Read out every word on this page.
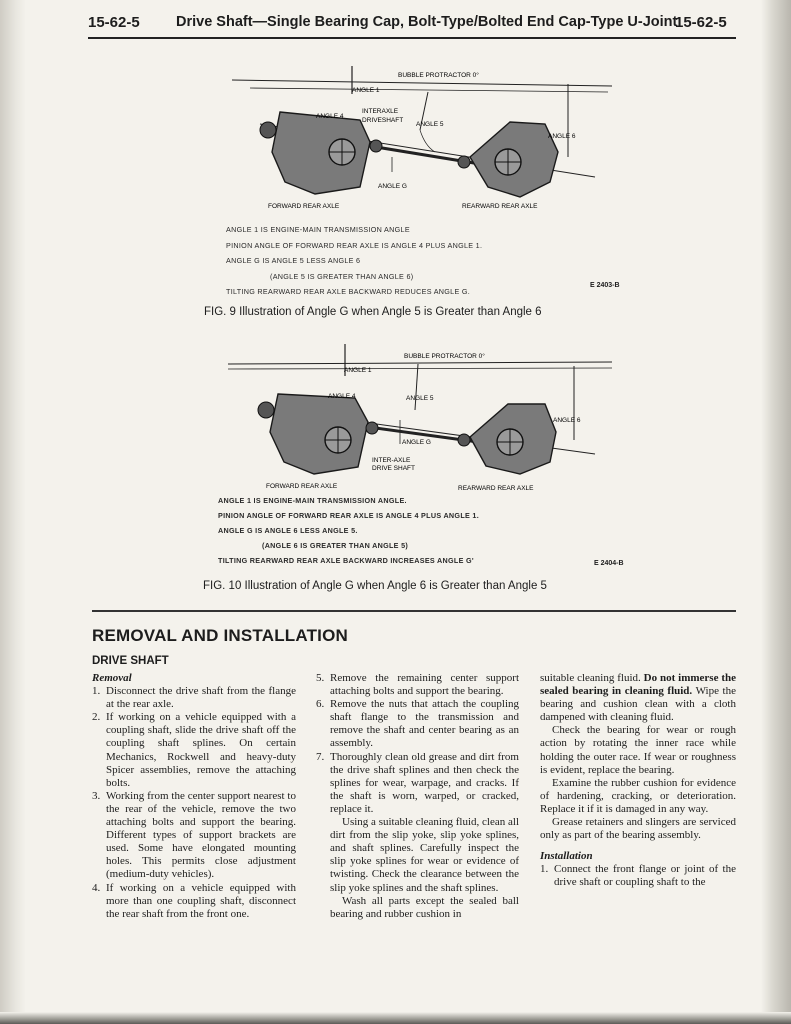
15-62-5	Drive Shaft—Single Bearing Cap, Bolt-Type/Bolted End Cap-Type U-Joint
15-62-5
BUBBLE PROTRACTOR 0°
ANGLE 1
ANGLE 4
INTERAXLE
DRIVESHAFT
ANGLE 5
ANGLE 6
ANGLE G
FORWARD REAR AXLE	REARWARD REAR AXLE
ANGLE 1 IS ENGINE-MAIN TRANSMISSION ANGLE
PINION ANGLE OF FORWARD REAR AXLE IS ANGLE 4 PLUS ANGLE 1.
ANGLE G IS ANGLE 5 LESS ANGLE 6
(ANGLE 5 IS GREATER THAN ANGLE 6)
TILTING REARWARD REAR AXLE BACKWARD REDUCES ANGLE G.
E 2403-B
FIG. 9 Illustration of Angle G when Angle 5 is Greater than Angle 6
BUBBLE PROTRACTOR 0°
ANGLE 1
ANGLE 4	ANGLE 5
ANGLE 6
ANGLE G
INTER-AXLE
DRIVE SHAFT
FORWARD REAR AXLE	REARWARD REAR AXLE
ANGLE 1 IS ENGINE-MAIN TRANSMISSION ANGLE.
PINION ANGLE OF FORWARD REAR AXLE IS ANGLE 4 PLUS ANGLE 1.
ANGLE G IS ANGLE 6 LESS ANGLE 5.
(ANGLE 6 IS GREATER THAN ANGLE 5)
TILTING REARWARD REAR AXLE BACKWARD INCREASES ANGLE G'	E 2404-B
FIG. 10 Illustration of Angle G when Angle 6 is Greater than Angle 5
REMOVAL AND INSTALLATION
DRIVE SHAFT

Removal

1. Disconnect the drive shaft from the flange at the rear axle.
2. If working on a vehicle equipped with a coupling shaft, slide the drive shaft off the coupling shaft splines. On certain Mechanics, Rockwell and heavy-duty Spicer assemblies, remove the attaching bolts.
3. Working from the center support nearest to the rear of the vehicle, remove the two attaching bolts and support the bearing. Different types of support brackets are used. Some have elongated mounting holes. This permits close adjustment (medium-duty vehicles).
4. If working on a vehicle equipped with more than one coupling shaft, disconnect the rear shaft from the front one.
5. Remove the remaining center support attaching bolts and support the bearing.
6. Remove the nuts that attach the coupling shaft flange to the transmission and remove the shaft and center bearing as an assembly.
7. Thoroughly clean old grease and dirt from the drive shaft splines and then check the splines for wear, warpage, and cracks. If the shaft is worn, warped, or cracked, replace it.

Using a suitable cleaning fluid, clean all dirt from the slip yoke, slip yoke splines, and shaft splines. Carefully inspect the slip yoke splines for wear or evidence of twisting. Check the clearance between the slip yoke splines and the shaft splines.

Wash all parts except the sealed ball bearing and rubber cushion in

suitable cleaning fluid. Do not immerse the sealed bearing in cleaning fluid. Wipe the bearing and cushion clean with a cloth dampened with cleaning fluid.

Check the bearing for wear or rough action by rotating the inner race while holding the outer race. If wear or roughness is evident, replace the bearing.

Examine the rubber cushion for evidence of hardening, cracking, or deterioration. Replace it if it is damaged in any way.

Grease retainers and slingers are serviced only as part of the bearing assembly.

Installation

1. Connect the front flange or joint of the drive shaft or coupling shaft to the
